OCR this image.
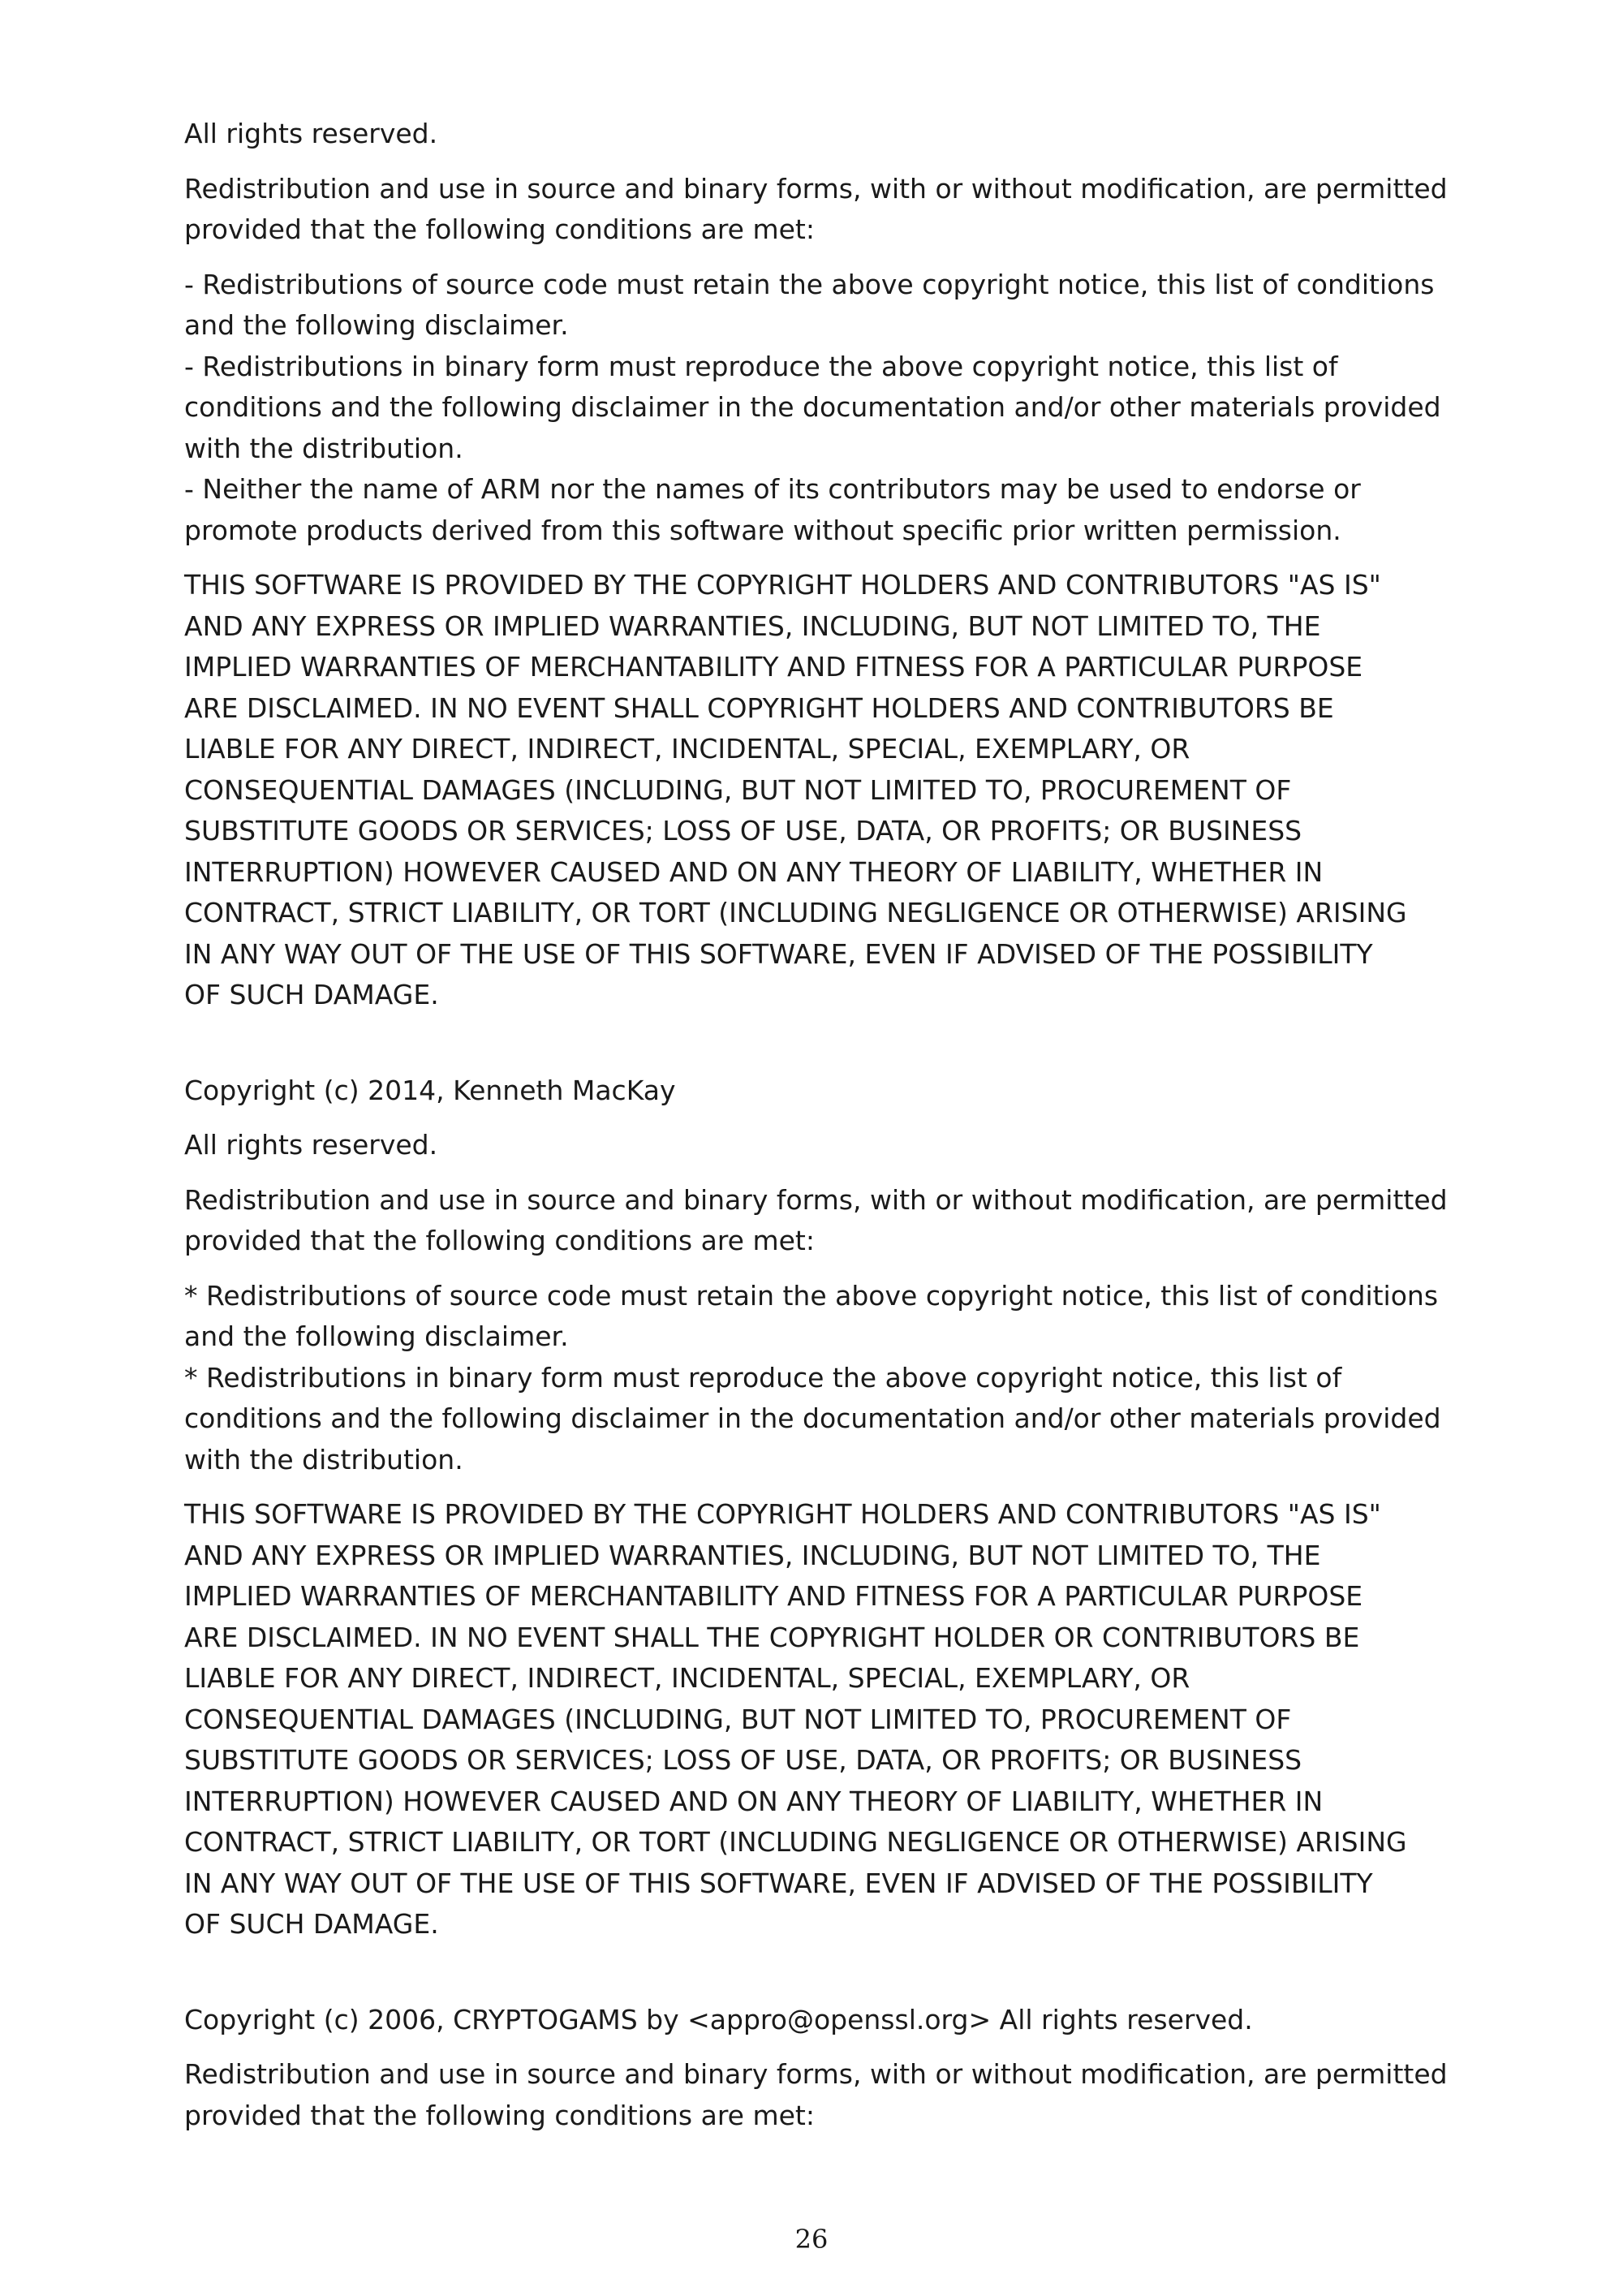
All rights reserved.

Redistribution and use in source and binary forms, with or without modification, are permitted
provided that the following conditions are met:

- Redistributions of source code must retain the above copyright notice, this list of conditions
and the following disclaimer.
- Redistributions in binary form must reproduce the above copyright notice, this list of
conditions and the following disclaimer in the documentation and/or other materials provided
with the distribution.
- Neither the name of ARM nor the names of its contributors may be used to endorse or
promote products derived from this software without specific prior written permission.

THIS SOFTWARE IS PROVIDED BY THE COPYRIGHT HOLDERS AND CONTRIBUTORS "AS IS"
AND ANY EXPRESS OR IMPLIED WARRANTIES, INCLUDING, BUT NOT LIMITED TO, THE
IMPLIED WARRANTIES OF MERCHANTABILITY AND FITNESS FOR A PARTICULAR PURPOSE
ARE DISCLAIMED. IN NO EVENT SHALL COPYRIGHT HOLDERS AND CONTRIBUTORS BE
LIABLE FOR ANY DIRECT, INDIRECT, INCIDENTAL, SPECIAL, EXEMPLARY, OR
CONSEQUENTIAL DAMAGES (INCLUDING, BUT NOT LIMITED TO, PROCUREMENT OF
SUBSTITUTE GOODS OR SERVICES; LOSS OF USE, DATA, OR PROFITS; OR BUSINESS
INTERRUPTION) HOWEVER CAUSED AND ON ANY THEORY OF LIABILITY, WHETHER IN
CONTRACT, STRICT LIABILITY, OR TORT (INCLUDING NEGLIGENCE OR OTHERWISE) ARISING
IN ANY WAY OUT OF THE USE OF THIS SOFTWARE, EVEN IF ADVISED OF THE POSSIBILITY
OF SUCH DAMAGE.

Copyright (c) 2014, Kenneth MacKay

All rights reserved.

Redistribution and use in source and binary forms, with or without modification, are permitted
provided that the following conditions are met:

* Redistributions of source code must retain the above copyright notice, this list of conditions
and the following disclaimer.
* Redistributions in binary form must reproduce the above copyright notice, this list of
conditions and the following disclaimer in the documentation and/or other materials provided
with the distribution.

THIS SOFTWARE IS PROVIDED BY THE COPYRIGHT HOLDERS AND CONTRIBUTORS "AS IS"
AND ANY EXPRESS OR IMPLIED WARRANTIES, INCLUDING, BUT NOT LIMITED TO, THE
IMPLIED WARRANTIES OF MERCHANTABILITY AND FITNESS FOR A PARTICULAR PURPOSE
ARE DISCLAIMED. IN NO EVENT SHALL THE COPYRIGHT HOLDER OR CONTRIBUTORS BE
LIABLE FOR ANY DIRECT, INDIRECT, INCIDENTAL, SPECIAL, EXEMPLARY, OR
CONSEQUENTIAL DAMAGES (INCLUDING, BUT NOT LIMITED TO, PROCUREMENT OF
SUBSTITUTE GOODS OR SERVICES; LOSS OF USE, DATA, OR PROFITS; OR BUSINESS
INTERRUPTION) HOWEVER CAUSED AND ON ANY THEORY OF LIABILITY, WHETHER IN
CONTRACT, STRICT LIABILITY, OR TORT (INCLUDING NEGLIGENCE OR OTHERWISE) ARISING
IN ANY WAY OUT OF THE USE OF THIS SOFTWARE, EVEN IF ADVISED OF THE POSSIBILITY
OF SUCH DAMAGE.

Copyright (c) 2006, CRYPTOGAMS by <appro@openssl.org> All rights reserved.

Redistribution and use in source and binary forms, with or without modification, are permitted
provided that the following conditions are met:

26
